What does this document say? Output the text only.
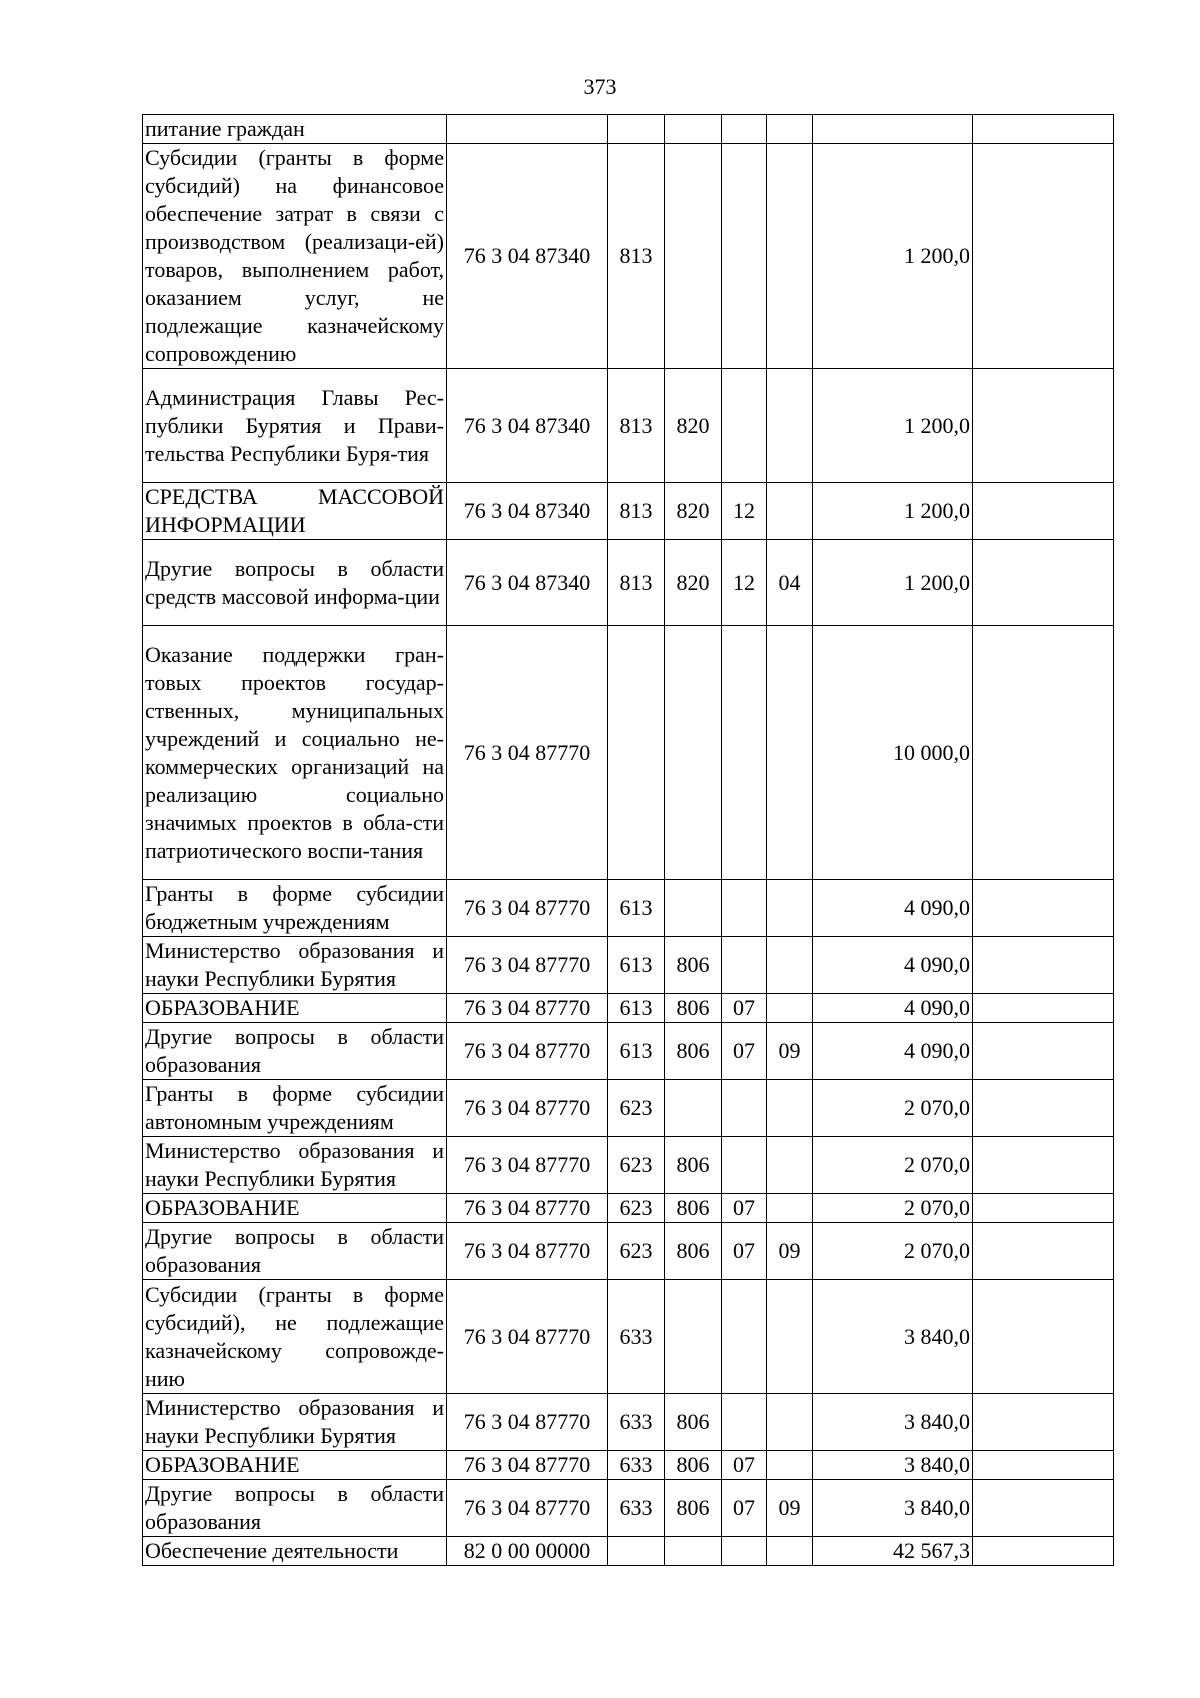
373
питание граждан							
Субсидии (гранты в форме субсидий) на финансовое обеспечение затрат в связи с производством (реализаци-ей) товаров, выполнением работ, оказанием услуг, не подлежащие казначейскому сопровождению	76 3 04 87340	813				1 200,0	
Администрация Главы Рес-публики Бурятия и Прави-тельства Республики Буря-тия	76 3 04 87340	813	820			1 200,0	
СРЕДСТВА МАССОВОЙ ИНФОРМАЦИИ	76 3 04 87340	813	820	12		1 200,0	
Другие вопросы в области средств массовой информа-ции	76 3 04 87340	813	820	12	04	1 200,0	
Оказание поддержки гран-товых проектов государ-ственных, муниципальных учреждений и социально не-коммерческих организаций на реализацию социально значимых проектов в обла-сти патриотического воспи-тания	76 3 04 87770					10 000,0	
Гранты в форме субсидии бюджетным учреждениям	76 3 04 87770	613				4 090,0	
Министерство образования и науки Республики Бурятия	76 3 04 87770	613	806			4 090,0	
ОБРАЗОВАНИЕ	76 3 04 87770	613	806	07		4 090,0	
Другие вопросы в области образования	76 3 04 87770	613	806	07	09	4 090,0	
Гранты в форме субсидии автономным учреждениям	76 3 04 87770	623				2 070,0	
Министерство образования и науки Республики Бурятия	76 3 04 87770	623	806			2 070,0	
ОБРАЗОВАНИЕ	76 3 04 87770	623	806	07		2 070,0	
Другие вопросы в области образования	76 3 04 87770	623	806	07	09	2 070,0	
Субсидии (гранты в форме субсидий), не подлежащие казначейскому сопровожде-нию	76 3 04 87770	633				3 840,0	
Министерство образования и науки Республики Бурятия	76 3 04 87770	633	806			3 840,0	
ОБРАЗОВАНИЕ	76 3 04 87770	633	806	07		3 840,0	
Другие вопросы в области образования	76 3 04 87770	633	806	07	09	3 840,0	
Обеспечение деятельности	82 0 00 00000					42 567,3	
